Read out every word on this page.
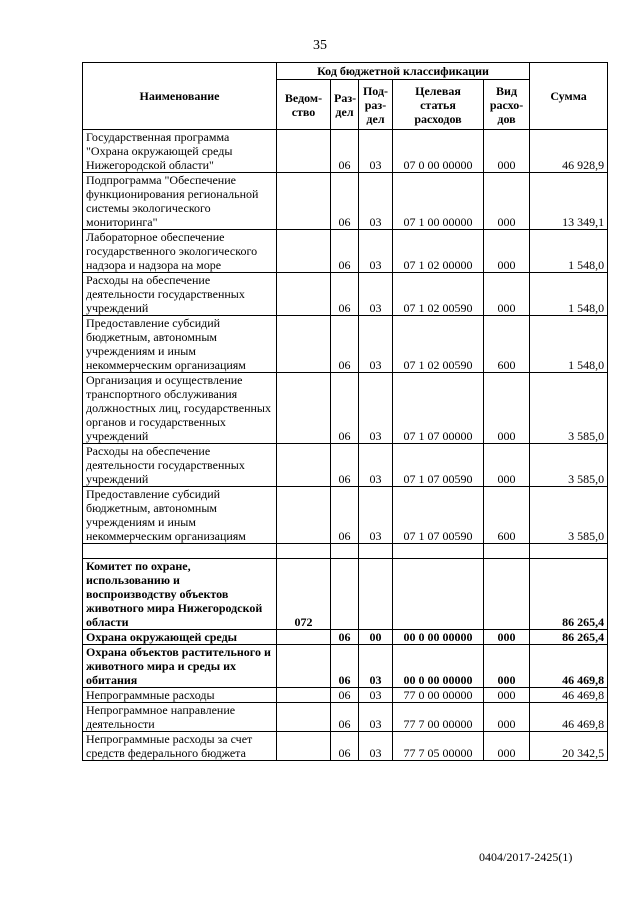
35
Наименование	Код бюджетной классификации					Сумма
	Ведом-ство	Раз-дел	Под-раз-дел	Целевая статья расходов	Вид расхо-дов	
Государственная программа "Охрана окружающей среды Нижегородской области"		06	03	07 0 00 00000	000	46 928,9
Подпрограмма "Обеспечение функционирования региональной системы экологического мониторинга"		06	03	07 1 00 00000	000	13 349,1
Лабораторное обеспечение государственного экологического надзора и надзора на море		06	03	07 1 02 00000	000	1 548,0
Расходы на обеспечение деятельности государственных учреждений		06	03	07 1 02 00590	000	1 548,0
Предоставление субсидий бюджетным, автономным учреждениям и иным некоммерческим организациям		06	03	07 1 02 00590	600	1 548,0
Организация и осуществление транспортного обслуживания должностных лиц, государственных органов и государственных учреждений		06	03	07 1 07 00000	000	3 585,0
Расходы на обеспечение деятельности государственных учреждений		06	03	07 1 07 00590	000	3 585,0
Предоставление субсидий бюджетным, автономным учреждениям и иным некоммерческим организациям		06	03	07 1 07 00590	600	3 585,0

Комитет по охране, использованию и воспроизводству объектов животного мира Нижегородской области	072					86 265,4
Охрана окружающей среды		06	00	00 0 00 00000	000	86 265,4
Охрана объектов растительного и животного мира и среды их обитания		06	03	00 0 00 00000	000	46 469,8
Непрограммные расходы		06	03	77 0 00 00000	000	46 469,8
Непрограммное направление деятельности		06	03	77 7 00 00000	000	46 469,8
Непрограммные расходы за счет средств федерального бюджета		06	03	77 7 05 00000	000	20 342,5
0404/2017-2425(1)
